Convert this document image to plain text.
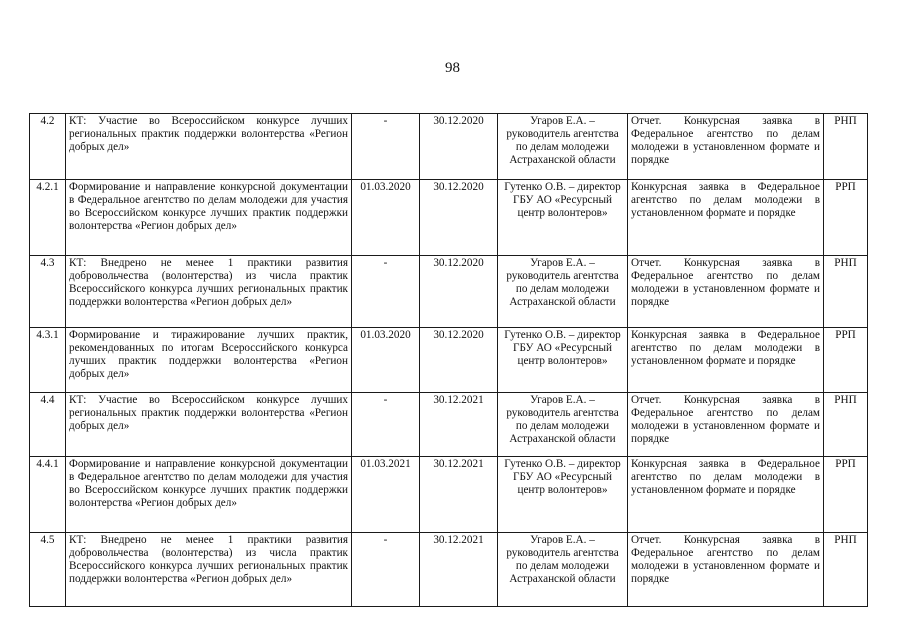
98
4.2	КТ: Участие во Всероссийском конкурсе лучших региональных практик поддержки волонтерства «Регион добрых дел»	-	30.12.2020	Угаров Е.А. – руководитель агентства по делам молодежи Астраханской области	Отчет. Конкурсная заявка в Федеральное агентство по делам молодежи в установленном формате и порядке	РНП
4.2.1	Формирование и направление конкурсной документации в Федеральное агентство по делам молодежи для участия во Всероссийском конкурсе лучших практик поддержки волонтерства «Регион добрых дел»	01.03.2020	30.12.2020	Гутенко О.В. – директор ГБУ АО «Ресурсный центр волонтеров»	Конкурсная заявка в Федеральное агентство по делам молодежи в установленном формате и порядке	РРП
4.3	КТ: Внедрено не менее 1 практики развития добровольчества (волонтерства) из числа практик Всероссийского конкурса лучших региональных практик поддержки волонтерства «Регион добрых дел»	-	30.12.2020	Угаров Е.А. – руководитель агентства по делам молодежи Астраханской области	Отчет. Конкурсная заявка в Федеральное агентство по делам молодежи в установленном формате и порядке	РНП
4.3.1	Формирование и тиражирование лучших практик, рекомендованных по итогам Всероссийского конкурса лучших практик поддержки волонтерства «Регион добрых дел»	01.03.2020	30.12.2020	Гутенко О.В. – директор ГБУ АО «Ресурсный центр волонтеров»	Конкурсная заявка в Федеральное агентство по делам молодежи в установленном формате и порядке	РРП
4.4	КТ: Участие во Всероссийском конкурсе лучших региональных практик поддержки волонтерства «Регион добрых дел»	-	30.12.2021	Угаров Е.А. – руководитель агентства по делам молодежи Астраханской области	Отчет. Конкурсная заявка в Федеральное агентство по делам молодежи в установленном формате и порядке	РНП
4.4.1	Формирование и направление конкурсной документации в Федеральное агентство по делам молодежи для участия во Всероссийском конкурсе лучших практик поддержки волонтерства «Регион добрых дел»	01.03.2021	30.12.2021	Гутенко О.В. – директор ГБУ АО «Ресурсный центр волонтеров»	Конкурсная заявка в Федеральное агентство по делам молодежи в установленном формате и порядке	РРП
4.5	КТ: Внедрено не менее 1 практики развития добровольчества (волонтерства) из числа практик Всероссийского конкурса лучших региональных практик поддержки волонтерства «Регион добрых дел»	-	30.12.2021	Угаров Е.А. – руководитель агентства по делам молодежи Астраханской области	Отчет. Конкурсная заявка в Федеральное агентство по делам молодежи в установленном формате и порядке	РНП
